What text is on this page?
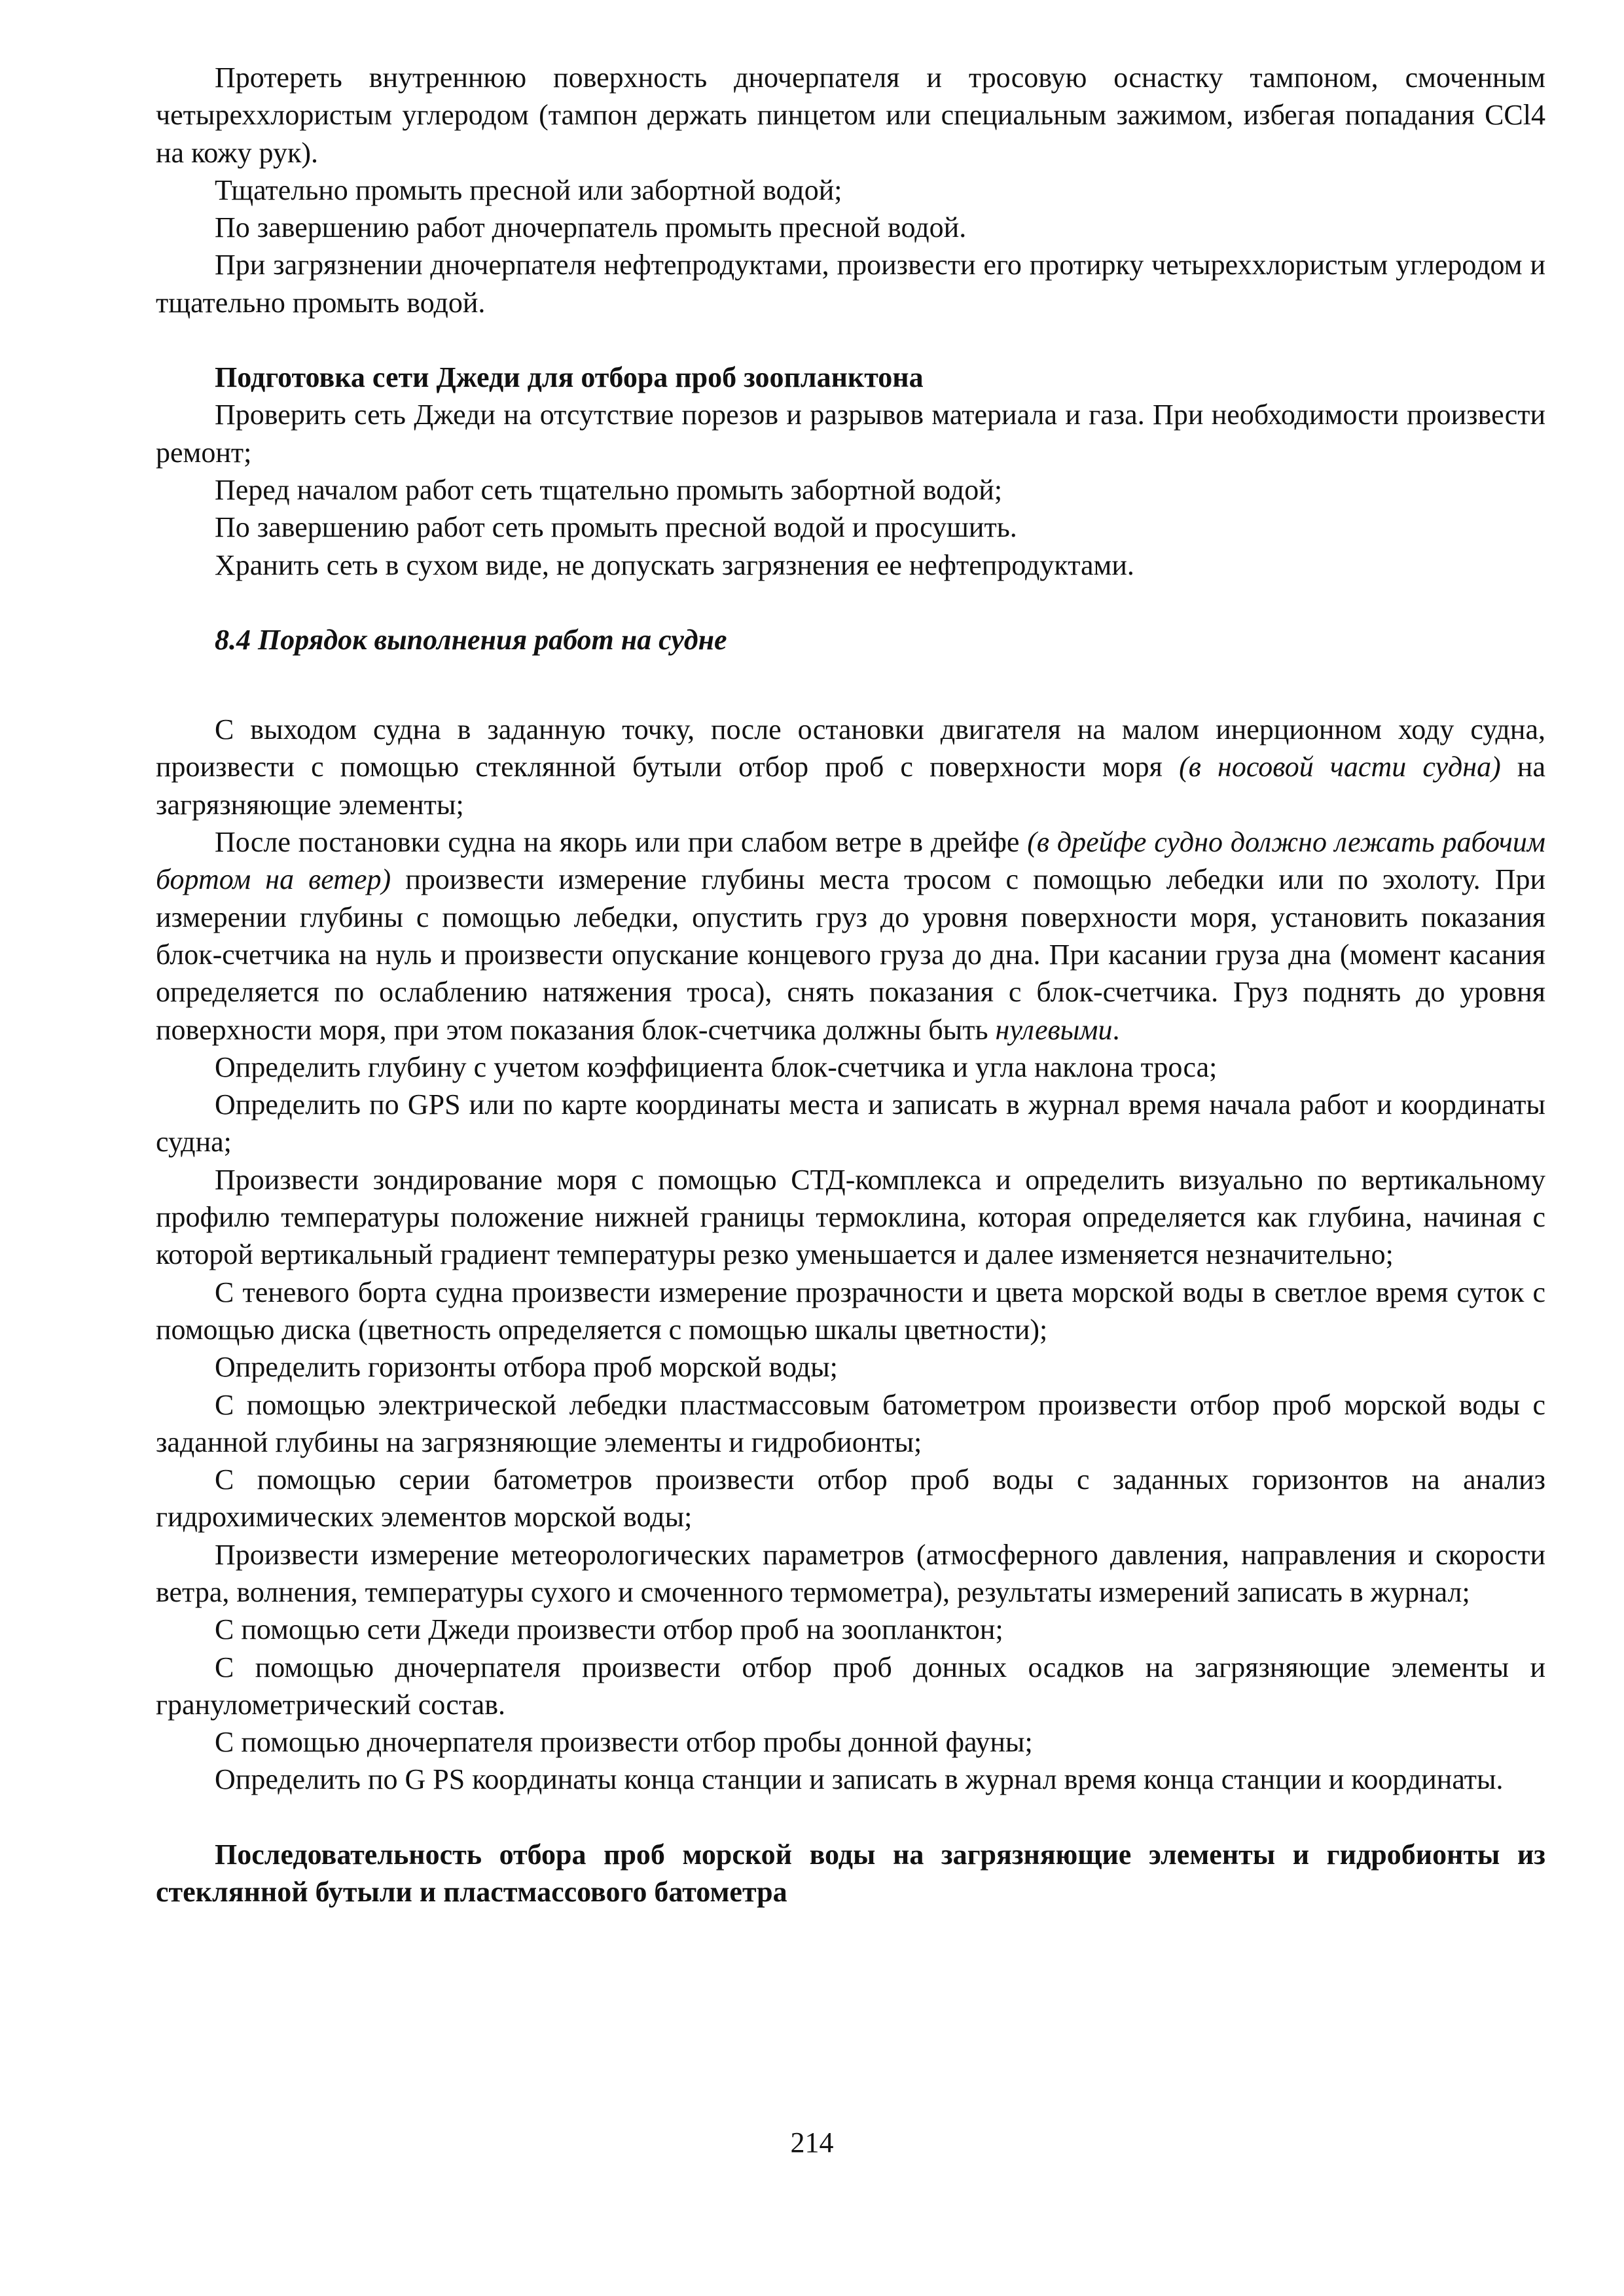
Протереть внутреннюю поверхность дночерпателя и тросовую оснастку тампоном, смоченным четыреххлористым углеродом (тампон держать пинцетом или специальным зажимом, избегая попадания CCl4 на кожу рук).

Тщательно промыть пресной или забортной водой;

По завершению работ дночерпатель промыть пресной водой.

При загрязнении дночерпателя нефтепродуктами, произвести его протирку четыреххлористым углеродом и тщательно промыть водой.

Подготовка сети Джеди для отбора проб зоопланктона

Проверить сеть Джеди на отсутствие порезов и разрывов материала и газа. При необходимости произвести ремонт;

Перед началом работ сеть тщательно промыть забортной водой;

По завершению работ сеть промыть пресной водой и просушить.

Хранить сеть в сухом виде, не допускать загрязнения ее нефтепродуктами.

8.4 Порядок выполнения работ на судне

С выходом судна в заданную точку, после остановки двигателя на малом инерционном ходу судна, произвести с помощью стеклянной бутыли отбор проб с поверхности моря (в носовой части судна) на загрязняющие элементы;

После постановки судна на якорь или при слабом ветре в дрейфе (в дрейфе судно должно лежать рабочим бортом на ветер) произвести измерение глубины места тросом с помощью лебедки или по эхолоту. При измерении глубины с помощью лебедки, опустить груз до уровня поверхности моря, установить показания блок-счетчика на нуль и произвести опускание концевого груза до дна. При касании груза дна (момент касания определяется по ослаблению натяжения троса), снять показания с блок-счетчика. Груз поднять до уровня поверхности моря, при этом показания блок-счетчика должны быть нулевыми.

Определить глубину с учетом коэффициента блок-счетчика и угла наклона троса;

Определить по GPS или по карте координаты места и записать в журнал время начала работ и координаты судна;

Произвести зондирование моря с помощью СТД-комплекса и определить визуально по вертикальному профилю температуры положение нижней границы термоклина, которая определяется как глубина, начиная с которой вертикальный градиент температуры резко уменьшается и далее изменяется незначительно;

С теневого борта судна произвести измерение прозрачности и цвета морской воды в светлое время суток с помощью диска (цветность определяется с помощью шкалы цветности);

Определить горизонты отбора проб морской воды;

С помощью электрической лебедки пластмассовым батометром произвести отбор проб морской воды с заданной глубины на загрязняющие элементы и гидробионты;

С помощью серии батометров произвести отбор проб воды с заданных горизонтов на анализ гидрохимических элементов морской воды;

Произвести измерение метеорологических параметров (атмосферного давления, направления и скорости ветра, волнения, температуры сухого и смоченного термометра), результаты измерений записать в журнал;

С помощью сети Джеди произвести отбор проб на зоопланктон;

С помощью дночерпателя произвести отбор проб донных осадков на загрязняющие элементы и гранулометрический состав.

С помощью дночерпателя произвести отбор пробы донной фауны;

Определить по G PS координаты конца станции и записать в журнал время конца станции и координаты.

Последовательность отбора проб морской воды на загрязняющие элементы и гидробионты из стеклянной бутыли и пластмассового батометра

214
